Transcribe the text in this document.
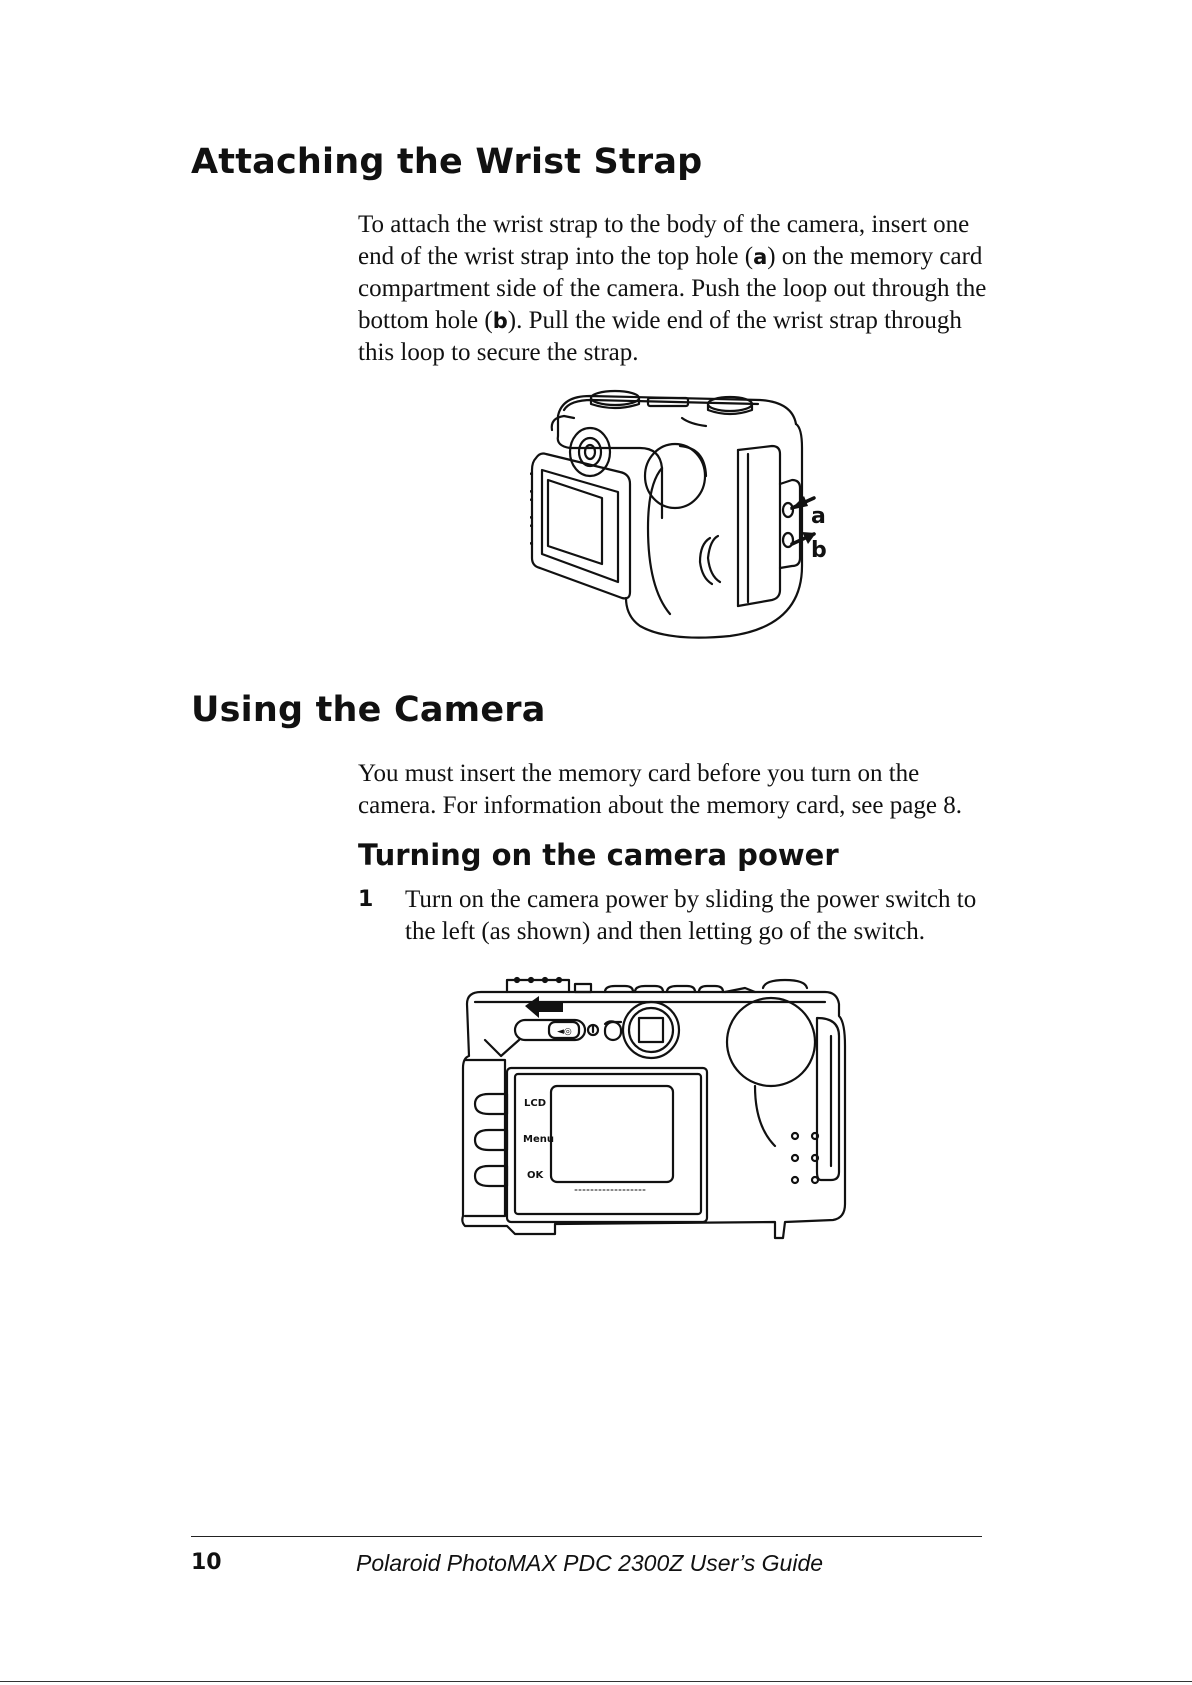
Attaching the Wrist Strap

To attach the wrist strap to the body of the camera, insert one end of the wrist strap into the top hole (a) on the memory card compartment side of the camera. Push the loop out through the bottom hole (b). Pull the wide end of the wrist strap through this loop to secure the strap.

a
b
Using the Camera

You must insert the memory card before you turn on the camera. For information about the memory card, see page 8.

Turning on the camera power
1 Turn on the camera power by sliding the power switch to the left (as shown) and then letting go of the switch.

◄◎
LCD
Menu
OK
10	Polaroid PhotoMAX PDC 2300Z User’s Guide
